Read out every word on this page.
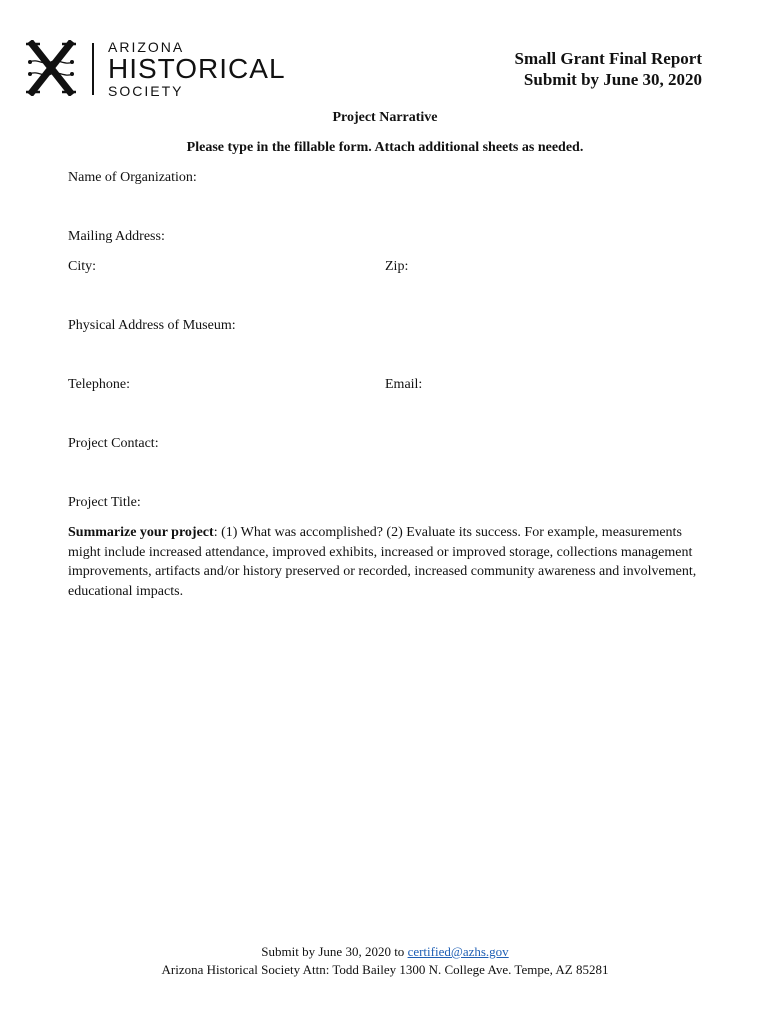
ARIZONA
HISTORICAL
SOCIETY
Small Grant Final Report
Submit by June 30, 2020
Project Narrative
Please type in the fillable form. Attach additional sheets as needed.
Name of Organization:
Mailing Address:
City:	Zip:
Physical Address of Museum:
Telephone:	Email:
Project Contact:
Project Title:
Summarize your project: (1) What was accomplished? (2) Evaluate its success. For example, measurements might include increased attendance, improved exhibits, increased or improved storage, collections management improvements, artifacts and/or history preserved or recorded, increased community awareness and involvement, educational impacts.
Submit by June 30, 2020 to certified@azhs.gov
Arizona Historical Society Attn: Todd Bailey 1300 N. College Ave. Tempe, AZ 85281
